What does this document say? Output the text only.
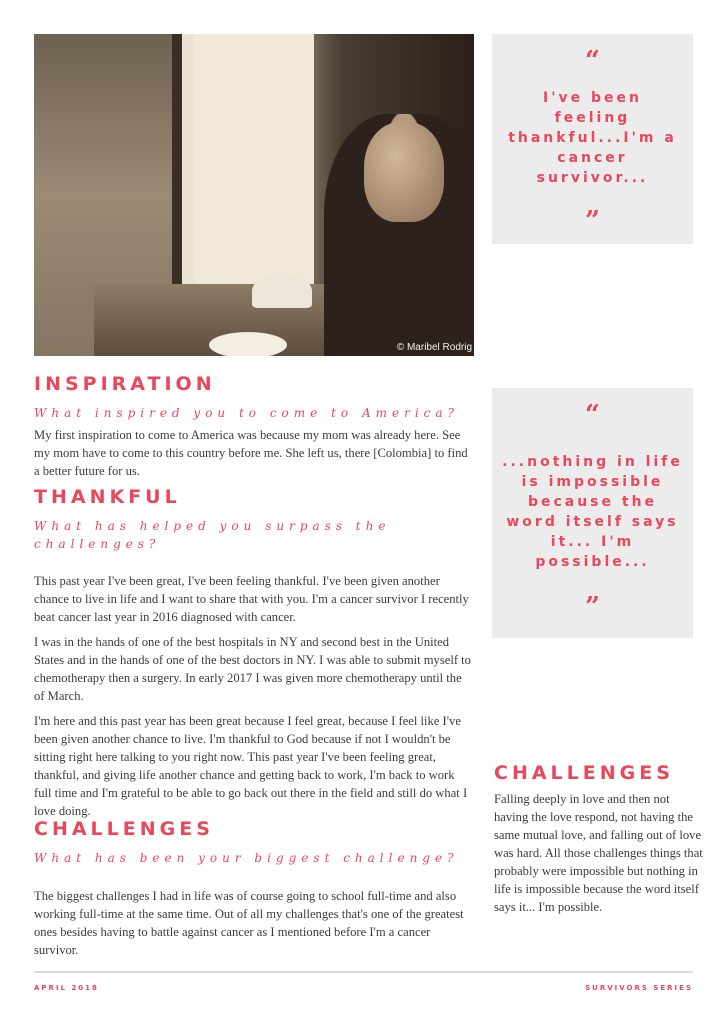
© Maribel Rodrig
“
I've been feeling thankful...I'm a cancer survivor...
”
“
...nothing in life is impossible because the word itself says it... I'm possible...
”
INSPIRATION
What inspired you to come to America?
My first inspiration to come to America was because my mom was already here. See my mom have to come to this country before me. She left us, there [Colombia] to find a better future for us.
THANKFUL
What has helped you surpass the challenges?
This past year I've been great, I've been feeling thankful. I've been given another chance to live in life and I want to share that with you. I'm a cancer survivor I recently beat cancer last year in 2016 diagnosed with cancer.
I was in the hands of one of the best hospitals in NY and second best in the United States and in the hands of one of the best doctors in NY. I was able to submit myself to chemotherapy then a surgery. In early 2017 I was given more chemotherapy until the of March.
I'm here and this past year has been great because I feel great, because I feel like I've been given another chance to live. I'm thankful to God because if not I wouldn't be sitting right here talking to you right now. This past year I've been feeling great, thankful, and giving life another chance and getting back to work, I'm back to work full time and I'm grateful to be able to go back out there in the field and still do what I love doing.
CHALLENGES
What has been your biggest challenge?
The biggest challenges I had in life was of course going to school full-time and also working full-time at the same time. Out of all my challenges that's one of the greatest ones besides having to battle against cancer as I mentioned before I'm a cancer survivor.
CHALLENGES
Falling deeply in love and then not having the love respond, not having the same mutual love, and falling out of love was hard. All those challenges things that probably were impossible but nothing in life is impossible because the word itself says it... I'm possible.
APRIL 2018	SURVIVORS SERIES
